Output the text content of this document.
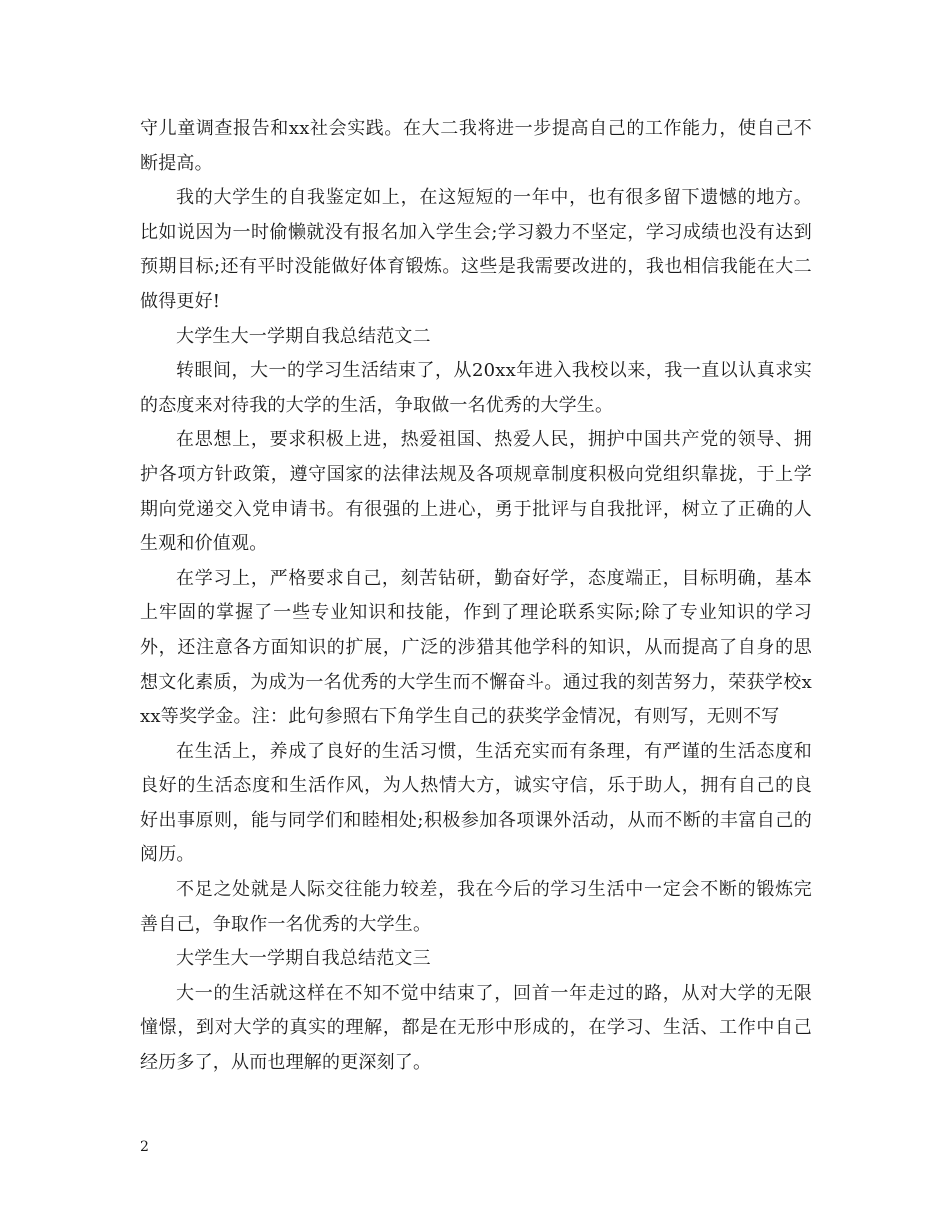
守儿童调查报告和xx社会实践。在大二我将进一步提高自己的工作能力，使自己不断提高。

我的大学生的自我鉴定如上，在这短短的一年中，也有很多留下遗憾的地方。比如说因为一时偷懒就没有报名加入学生会;学习毅力不坚定，学习成绩也没有达到预期目标;还有平时没能做好体育锻炼。这些是我需要改进的，我也相信我能在大二做得更好!

大学生大一学期自我总结范文二

转眼间，大一的学习生活结束了，从20xx年进入我校以来，我一直以认真求实的态度来对待我的大学的生活，争取做一名优秀的大学生。

在思想上，要求积极上进，热爱祖国、热爱人民，拥护中国共产党的领导、拥护各项方针政策，遵守国家的法律法规及各项规章制度积极向党组织靠拢，于上学期向党递交入党申请书。有很强的上进心，勇于批评与自我批评，树立了正确的人生观和价值观。

在学习上，严格要求自己，刻苦钻研，勤奋好学，态度端正，目标明确，基本上牢固的掌握了一些专业知识和技能，作到了理论联系实际;除了专业知识的学习外，还注意各方面知识的扩展，广泛的涉猎其他学科的知识，从而提高了自身的思想文化素质，为成为一名优秀的大学生而不懈奋斗。通过我的刻苦努力，荣获学校xxx等奖学金。注：此句参照右下角学生自己的获奖学金情况，有则写，无则不写

在生活上，养成了良好的生活习惯，生活充实而有条理，有严谨的生活态度和良好的生活态度和生活作风，为人热情大方，诚实守信，乐于助人，拥有自己的良好出事原则，能与同学们和睦相处;积极参加各项课外活动，从而不断的丰富自己的阅历。

不足之处就是人际交往能力较差，我在今后的学习生活中一定会不断的锻炼完善自己，争取作一名优秀的大学生。

大学生大一学期自我总结范文三

大一的生活就这样在不知不觉中结束了，回首一年走过的路，从对大学的无限憧憬，到对大学的真实的理解，都是在无形中形成的，在学习、生活、工作中自己经历多了，从而也理解的更深刻了。

2
